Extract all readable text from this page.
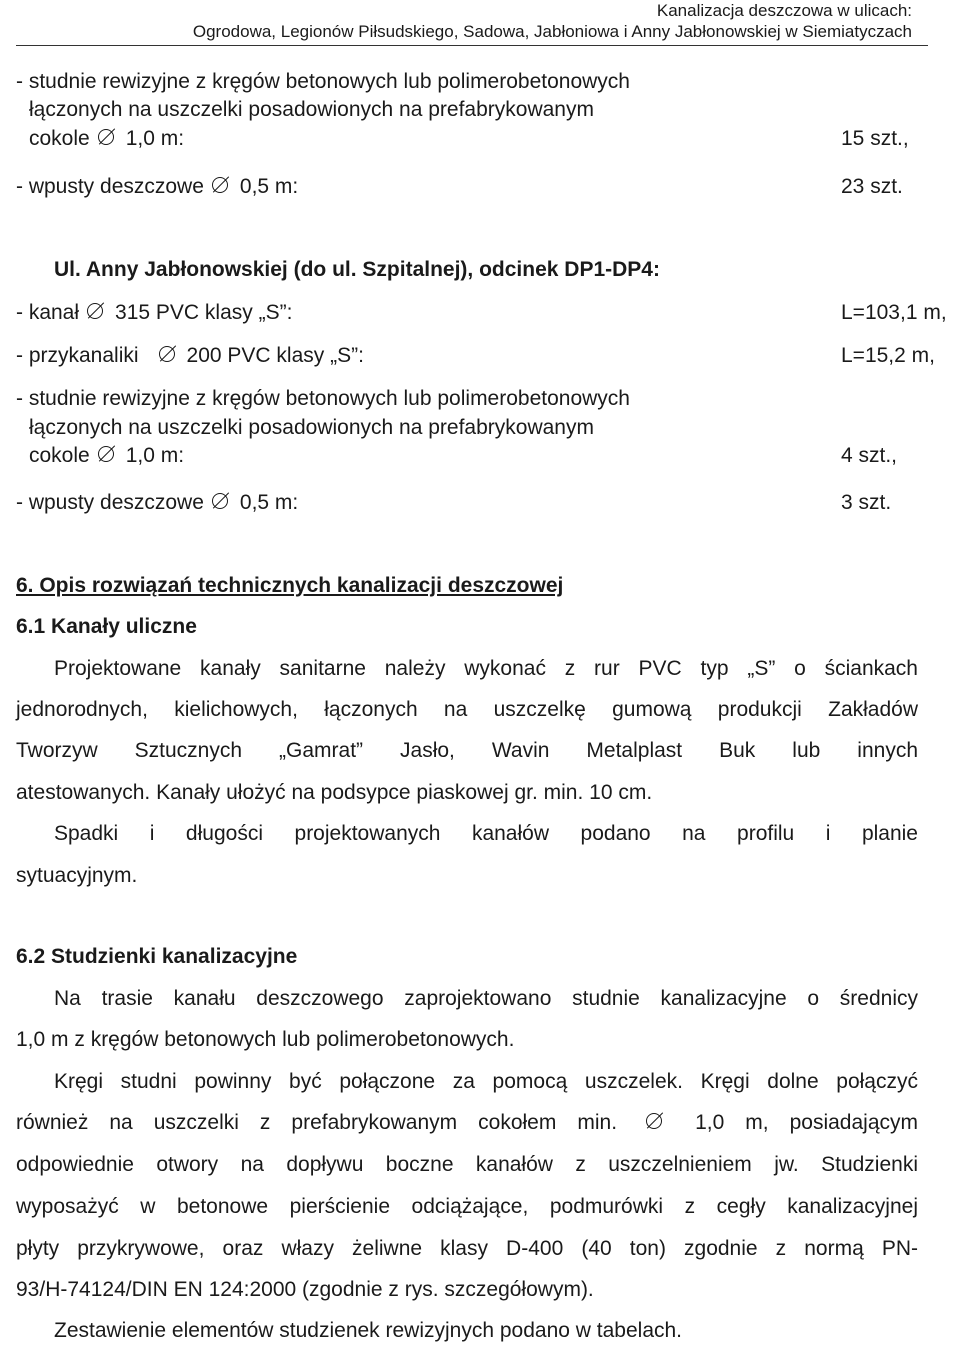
Kanalizacja deszczowa w ulicach:
Ogrodowa, Legionów Piłsudskiego, Sadowa, Jabłoniowa i Anny Jabłonowskiej w Siemiatyczach
- studnie rewizyjne z kręgów betonowych lub polimerobetonowych
łączonych na uszczelki posadowionych na prefabrykowanym
cokole 1,0 m:	15 szt.,
- wpusty deszczowe 0,5 m:	23 szt.
Ul. Anny Jabłonowskiej (do ul. Szpitalnej), odcinek DP1-DP4:
- kanał 315 PVC klasy „S”:	L=103,1 m,
- przykanaliki 200 PVC klasy „S”:	L=15,2 m,
- studnie rewizyjne z kręgów betonowych lub polimerobetonowych
łączonych na uszczelki posadowionych na prefabrykowanym
cokole 1,0 m:	4 szt.,
- wpusty deszczowe 0,5 m:	3 szt.
6. Opis rozwiązań technicznych kanalizacji deszczowej
6.1 Kanały uliczne
Projektowane kanały sanitarne należy wykonać z rur PVC typ „S” o ściankach
jednorodnych, kielichowych, łączonych na uszczelkę gumową produkcji Zakładów
Tworzyw Sztucznych „Gamrat” Jasło, Wavin Metalplast Buk lub innych
atestowanych. Kanały ułożyć na podsypce piaskowej gr. min. 10 cm.
Spadki i długości projektowanych kanałów podano na profilu i planie
sytuacyjnym.
6.2 Studzienki kanalizacyjne
Na trasie kanału deszczowego zaprojektowano studnie kanalizacyjne o średnicy
1,0 m z kręgów betonowych lub polimerobetonowych.
Kręgi studni powinny być połączone za pomocą uszczelek. Kręgi dolne połączyć
również na uszczelki z prefabrykowanym cokołem min.	1,0 m, posiadającym
odpowiednie otwory na dopływu boczne kanałów z uszczelnieniem jw. Studzienki
wyposażyć w betonowe pierścienie odciążające, podmurówki z cegły kanalizacyjnej
płyty przykrywowe, oraz włazy żeliwne klasy D-400 (40 ton) zgodnie z normą PN-
93/H-74124/DIN EN 124:2000 (zgodnie z rys. szczegółowym).
Zestawienie elementów studzienek rewizyjnych podano w tabelach.
